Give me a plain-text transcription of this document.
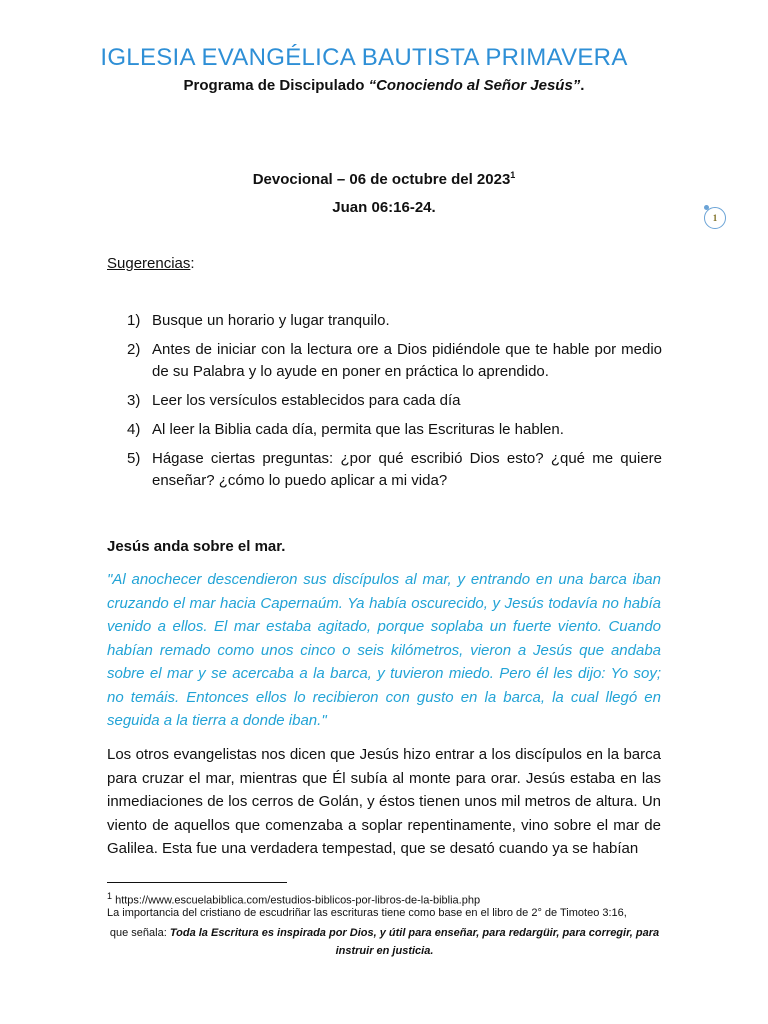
IGLESIA EVANGÉLICA BAUTISTA PRIMAVERA
Programa de Discipulado “Conociendo al Señor Jesús”.
Devocional – 06 de octubre del 2023$^1$
Juan 06:16-24.
1
Sugerencias:
1) Busque un horario y lugar tranquilo.
2) Antes de iniciar con la lectura ore a Dios pidiéndole que te hable por medio de su Palabra y lo ayude en poner en práctica lo aprendido.
3) Leer los versículos establecidos para cada día
4) Al leer la Biblia cada día, permita que las Escrituras le hablen.
5) Hágase ciertas preguntas: ¿por qué escribió Dios esto? ¿qué me quiere enseñar? ¿cómo lo puedo aplicar a mi vida?
Jesús anda sobre el mar.

"Al anochecer descendieron sus discípulos al mar, y entrando en una barca iban cruzando el mar hacia Capernaúm. Ya había oscurecido, y Jesús todavía no había venido a ellos. El mar estaba agitado, porque soplaba un fuerte viento. Cuando habían remado como unos cinco o seis kilómetros, vieron a Jesús que andaba sobre el mar y se acercaba a la barca, y tuvieron miedo. Pero él les dijo: Yo soy; no temáis. Entonces ellos lo recibieron con gusto en la barca, la cual llegó en seguida a la tierra a donde iban."

Los otros evangelistas nos dicen que Jesús hizo entrar a los discípulos en la barca para cruzar el mar, mientras que Él subía al monte para orar. Jesús estaba en las inmediaciones de los cerros de Golán, y éstos tienen unos mil metros de altura. Un viento de aquellos que comenzaba a soplar repentinamente, vino sobre el mar de Galilea. Esta fue una verdadera tempestad, que se desató cuando ya se habían

$^1$ https://www.escuelabiblica.com/estudios-biblicos-por-libros-de-la-biblia.php
La importancia del cristiano de escudriñar las escrituras tiene como base en el libro de 2° de Timoteo 3:16,
que señala: Toda la Escritura es inspirada por Dios, y útil para enseñar, para redargüir, para corregir, para instruir en justicia.
